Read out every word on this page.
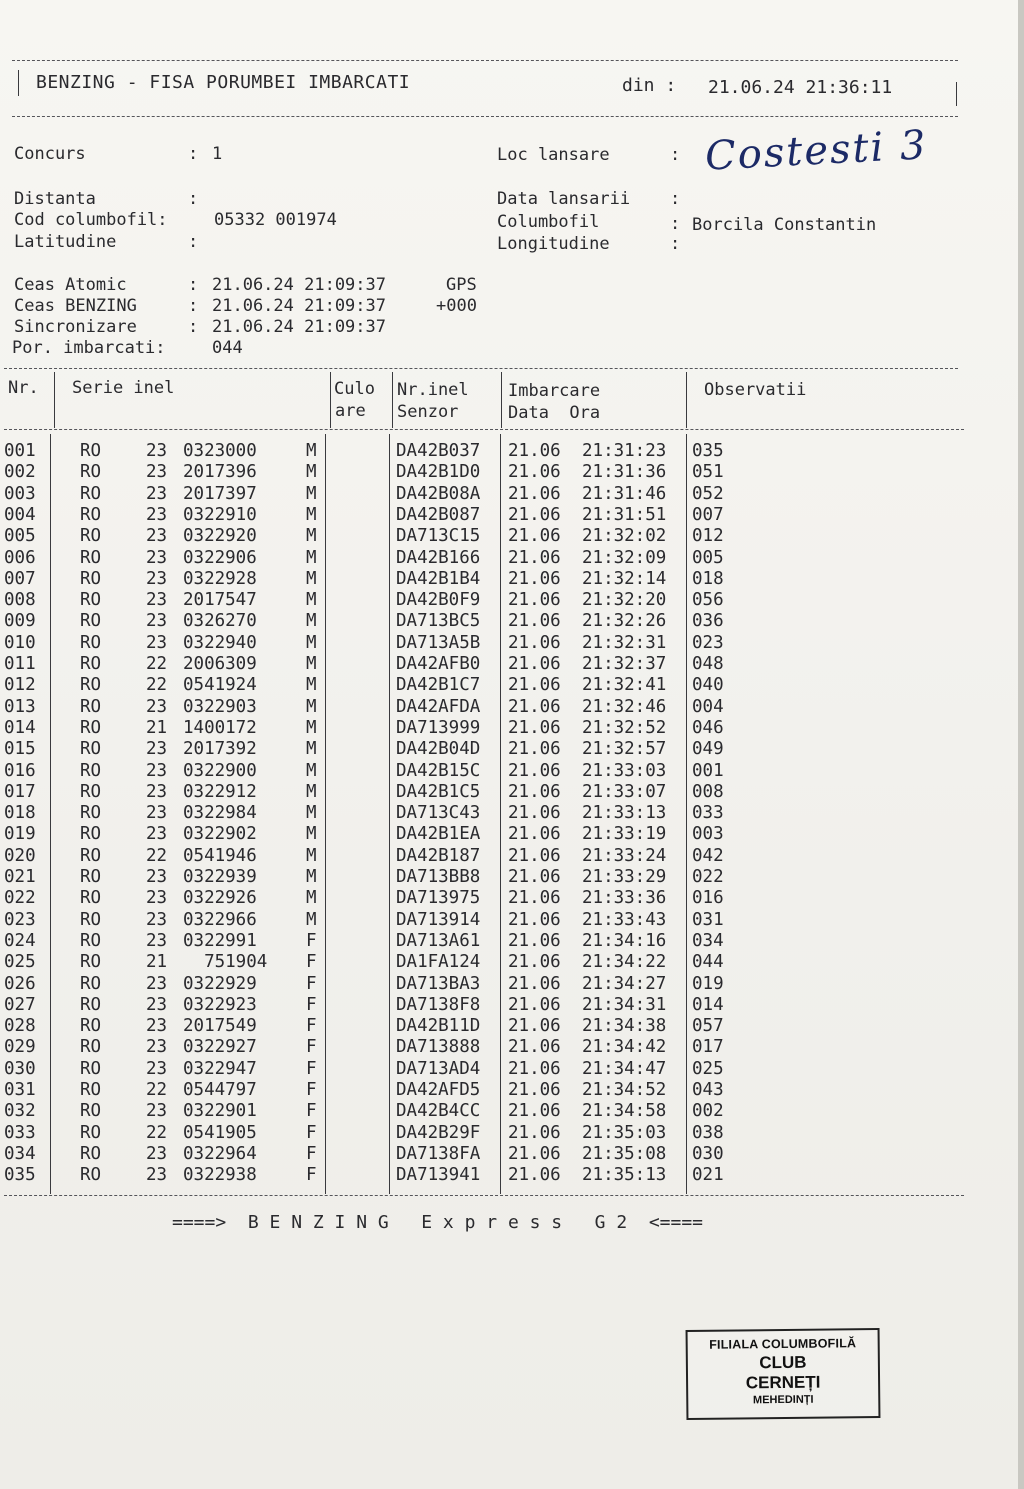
BENZING - FISA PORUMBEI IMBARCATI	din : 21.06.24 21:36:11
Concurs	: 1	Loc lansare	: Costesti 3
Distanta	:	Data lansarii :
Cod columbofil:	05332 001974	Columbofil	: Borcila Constantin
Latitudine	:	Longitudine	:
Ceas Atomic	: 21.06.24 21:09:37	GPS
Ceas BENZING	: 21.06.24 21:09:37	+000
Sincronizare	: 21.06.24 21:09:37
Por. imbarcati:	044
Nr. Serie inel	Culo
are
Nr.inel
Senzor
Imbarcare
Data  Ora
Observatii
001	RO	23 0323000	M	DA42B037 21.06 21:31:23 035
002	RO	23 2017396	M	DA42B1D0 21.06 21:31:36 051
003	RO	23 2017397	M	DA42B08A 21.06 21:31:46 052
004	RO	23 0322910	M	DA42B087 21.06 21:31:51 007
005	RO	23 0322920	M	DA713C15 21.06 21:32:02 012
006	RO	23 0322906	M	DA42B166 21.06 21:32:09 005
007	RO	23 0322928	M	DA42B1B4 21.06 21:32:14 018
008	RO	23 2017547	M	DA42B0F9 21.06 21:32:20 056
009	RO	23 0326270	M	DA713BC5 21.06 21:32:26 036
010	RO	23 0322940	M	DA713A5B 21.06 21:32:31 023
011	RO	22 2006309	M	DA42AFB0 21.06 21:32:37 048
012	RO	22 0541924	M	DA42B1C7 21.06 21:32:41 040
013	RO	23 0322903	M	DA42AFDA 21.06 21:32:46 004
014	RO	21 1400172	M	DA713999 21.06 21:32:52 046
015	RO	23 2017392	M	DA42B04D 21.06 21:32:57 049
016	RO	23 0322900	M	DA42B15C 21.06 21:33:03 001
017	RO	23 0322912	M	DA42B1C5 21.06 21:33:07 008
018	RO	23 0322984	M	DA713C43 21.06 21:33:13 033
019	RO	23 0322902	M	DA42B1EA 21.06 21:33:19 003
020	RO	22 0541946	M	DA42B187 21.06 21:33:24 042
021	RO	23 0322939	M	DA713BB8 21.06 21:33:29 022
022	RO	23 0322926	M	DA713975 21.06 21:33:36 016
023	RO	23 0322966	M	DA713914 21.06 21:33:43 031
024	RO	23 0322991	F	DA713A61 21.06 21:34:16 034
025	RO	21 751904 F	DA1FA124 21.06 21:34:22 044
026	RO	23 0322929	F	DA713BA3 21.06 21:34:27 019
027	RO	23 0322923	F	DA7138F8 21.06 21:34:31 014
028	RO	23 2017549	F	DA42B11D 21.06 21:34:38 057
029	RO	23 0322927	F	DA713888 21.06 21:34:42 017
030	RO	23 0322947	F	DA713AD4 21.06 21:34:47 025
031	RO	22 0544797	F	DA42AFD5 21.06 21:34:52 043
032	RO	23 0322901	F	DA42B4CC 21.06 21:34:58 002
033	RO	22 0541905	F	DA42B29F 21.06 21:35:03 038
034	RO	23 0322964	F	DA7138FA 21.06 21:35:08 030
035	RO	23 0322938	F	DA713941 21.06 21:35:13 021
====>  B E N Z I N G   E x p r e s s   G 2  <====
FILIALA COLUMBOFILĂ
CLUB
CERNEȚI
MEHEDINȚI
